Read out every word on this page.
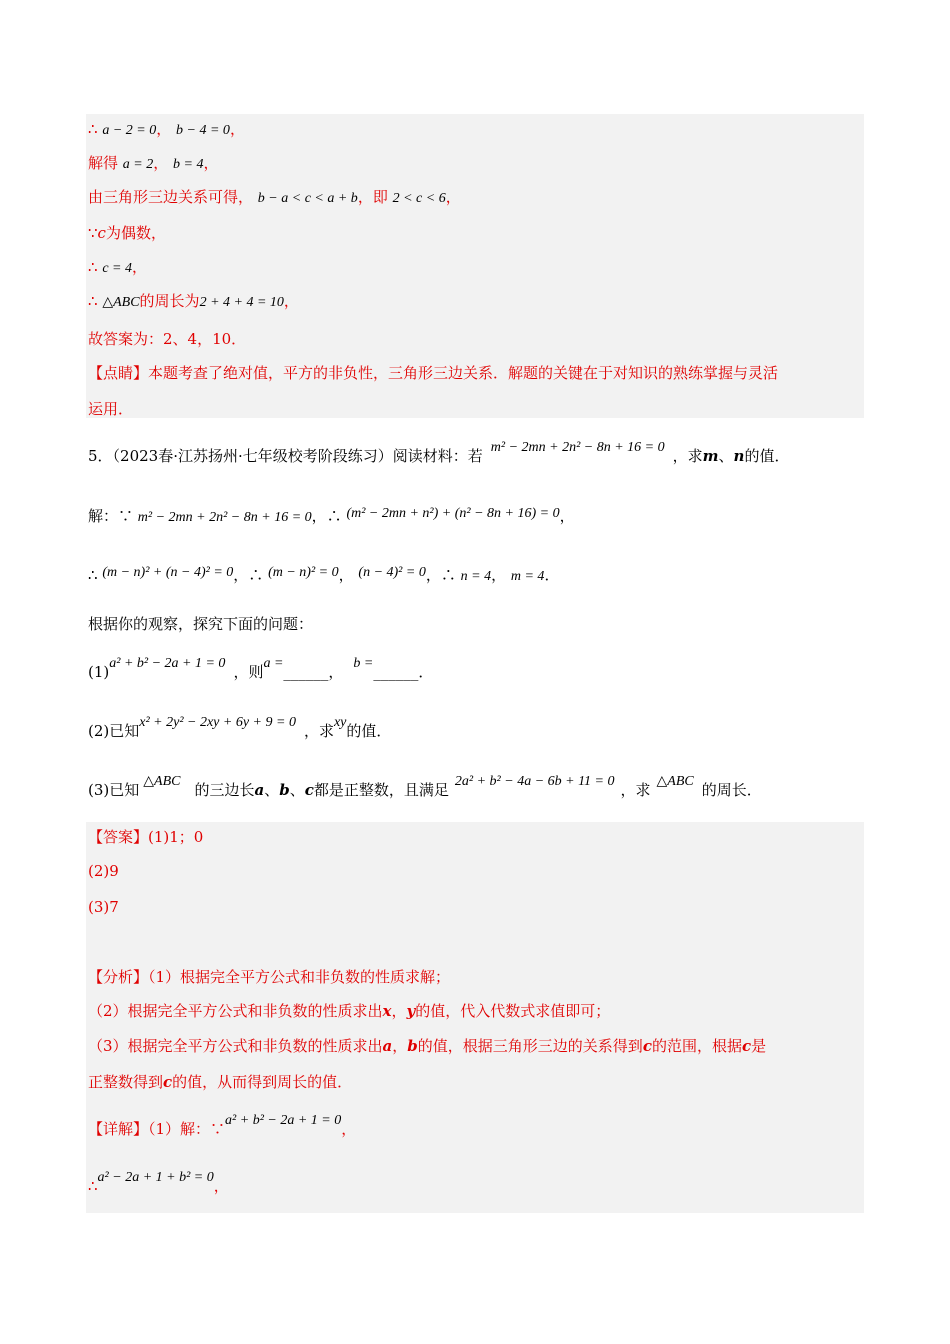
∴ a − 2 = 0， b − 4 = 0，
解得 a = 2， b = 4，
由三角形三边关系可得， b − a < c < a + b，即 2 < c < 6，
∵c为偶数，
∴ c = 4，
∴ △ABC的周长为2 + 4 + 4 = 10，
故答案为：2、4，10．
【点睛】本题考查了绝对值，平方的非负性，三角形三边关系．解题的关键在于对知识的熟练掌握与灵活
运用．
5．（2023春·江苏扬州·七年级校考阶段练习）阅读材料：若 m² − 2mn + 2n² − 8n + 16 = 0 ，求m、n的值．
解：∵ m² − 2mn + 2n² − 8n + 16 = 0，∴ (m² − 2mn + n²) + (n² − 8n + 16) = 0，
∴ (m − n)² + (n − 4)² = 0，∴ (m − n)² = 0， (n − 4)² = 0，∴ n = 4， m = 4．
根据你的观察，探究下面的问题：
(1)a² + b² − 2a + 1 = 0 ，则a =______， b =______．
(2)已知x² + 2y² − 2xy + 6y + 9 = 0 ，求xy的值．
(3)已知 △ABC 的三边长a、b、c都是正整数，且满足 2a² + b² − 4a − 6b + 11 = 0 ，求 △ABC 的周长．
【答案】(1)1；0
(2)9
(3)7
【分析】（1）根据完全平方公式和非负数的性质求解；
（2）根据完全平方公式和非负数的性质求出x，y的值，代入代数式求值即可；
（3）根据完全平方公式和非负数的性质求出a，b的值，根据三角形三边的关系得到c的范围，根据c是
正整数得到c的值，从而得到周长的值．
【详解】（1）解：∵a² + b² − 2a + 1 = 0，
∴a² − 2a + 1 + b² = 0，
